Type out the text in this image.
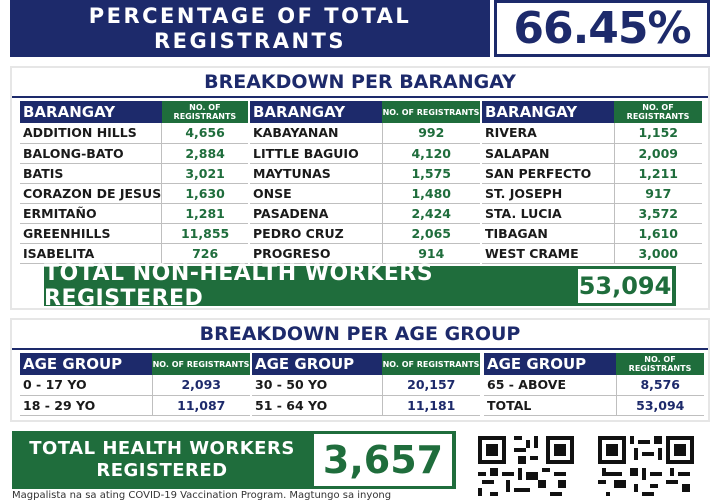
PERCENTAGE OF TOTAL REGISTRANTS	66.45%
BREAKDOWN PER BARANGAY
BARANGAY	NO. OF REGISTRANTS
ADDITION HILLS	4,656
BALONG-BATO	2,884
BATIS	3,021
CORAZON DE JESUS	1,630
ERMITAÑO	1,281
GREENHILLS	11,855
ISABELITA	726
BARANGAY	NO. OF REGISTRANTS
KABAYANAN	992
LITTLE BAGUIO	4,120
MAYTUNAS	1,575
ONSE	1,480
PASADENA	2,424
PEDRO CRUZ	2,065
PROGRESO	914
BARANGAY	NO. OF REGISTRANTS
RIVERA	1,152
SALAPAN	2,009
SAN PERFECTO	1,211
ST. JOSEPH	917
STA. LUCIA	3,572
TIBAGAN	1,610
WEST CRAME	3,000
TOTAL NON-HEALTH WORKERS REGISTERED	53,094
BREAKDOWN PER AGE GROUP
AGE GROUP	NO. OF REGISTRANTS
0 - 17 YO	2,093
18 - 29 YO	11,087
AGE GROUP	NO. OF REGISTRANTS
30 - 50 YO	20,157
51 - 64 YO	11,181
AGE GROUP	NO. OF REGISTRANTS
65 - ABOVE	8,576
TOTAL	53,094
TOTAL HEALTH WORKERS
REGISTERED	3,657
Magpalista na sa ating COVID-19 Vaccination Program. Magtungo sa inyong
